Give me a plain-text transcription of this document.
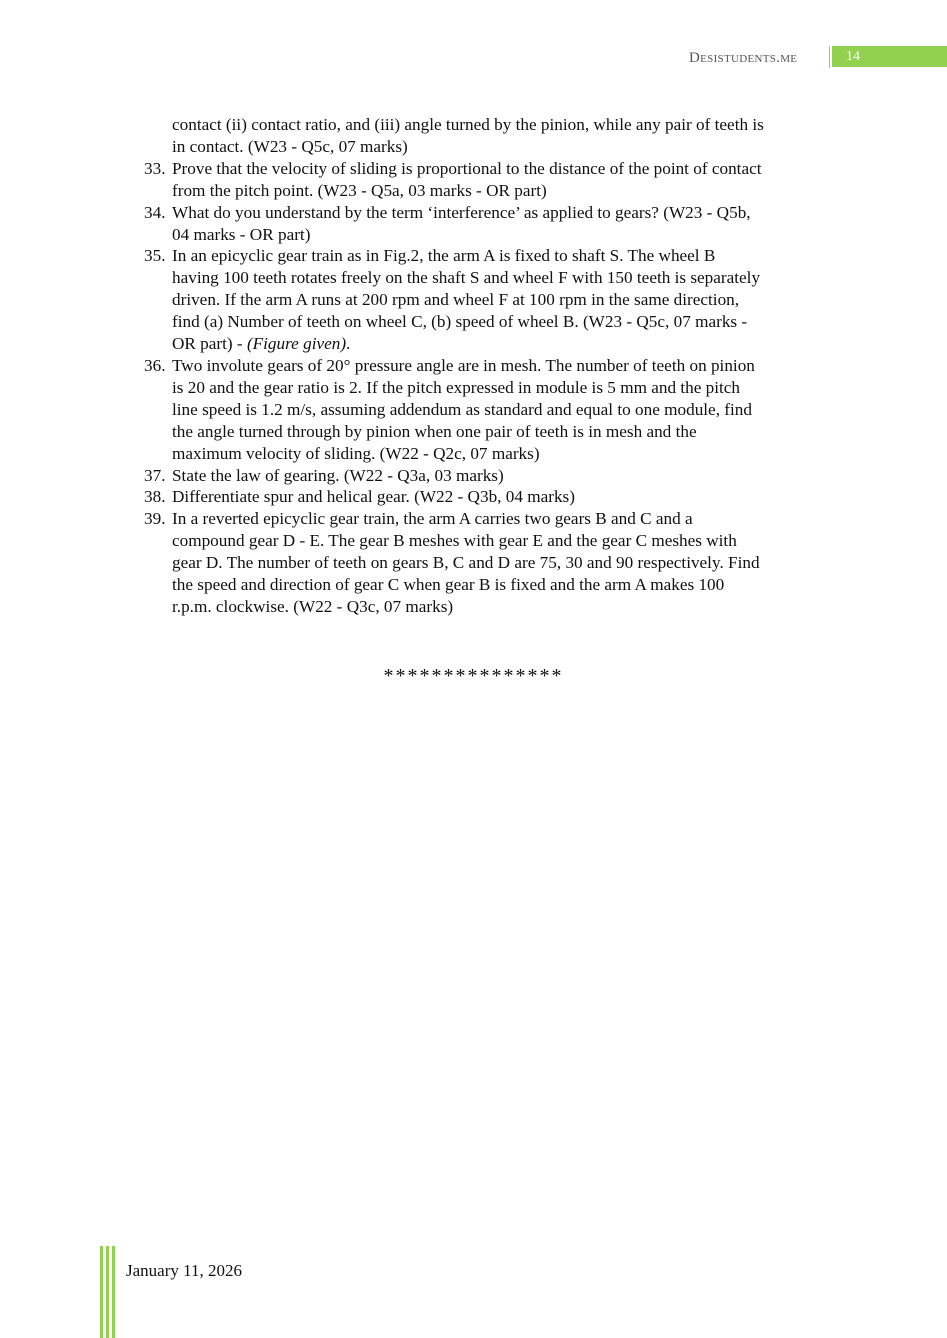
Desistudents.me	14
contact (ii) contact ratio, and (iii) angle turned by the pinion, while any pair of teeth is
in contact. (W23 - Q5c, 07 marks)
33. Prove that the velocity of sliding is proportional to the distance of the point of contact
from the pitch point. (W23 - Q5a, 03 marks - OR part)
34. What do you understand by the term ‘interference’ as applied to gears? (W23 - Q5b,
04 marks - OR part)
35. In an epicyclic gear train as in Fig.2, the arm A is fixed to shaft S. The wheel B
having 100 teeth rotates freely on the shaft S and wheel F with 150 teeth is separately
driven. If the arm A runs at 200 rpm and wheel F at 100 rpm in the same direction,
find (a) Number of teeth on wheel C, (b) speed of wheel B. (W23 - Q5c, 07 marks -
OR part) - (Figure given).
36. Two involute gears of 20° pressure angle are in mesh. The number of teeth on pinion
is 20 and the gear ratio is 2. If the pitch expressed in module is 5 mm and the pitch
line speed is 1.2 m/s, assuming addendum as standard and equal to one module, find
the angle turned through by pinion when one pair of teeth is in mesh and the
maximum velocity of sliding. (W22 - Q2c, 07 marks)
37. State the law of gearing. (W22 - Q3a, 03 marks)
38. Differentiate spur and helical gear. (W22 - Q3b, 04 marks)
39. In a reverted epicyclic gear train, the arm A carries two gears B and C and a
compound gear D - E. The gear B meshes with gear E and the gear C meshes with
gear D. The number of teeth on gears B, C and D are 75, 30 and 90 respectively. Find
the speed and direction of gear C when gear B is fixed and the arm A makes 100
r.p.m. clockwise. (W22 - Q3c, 07 marks)
***************
January 11, 2026
